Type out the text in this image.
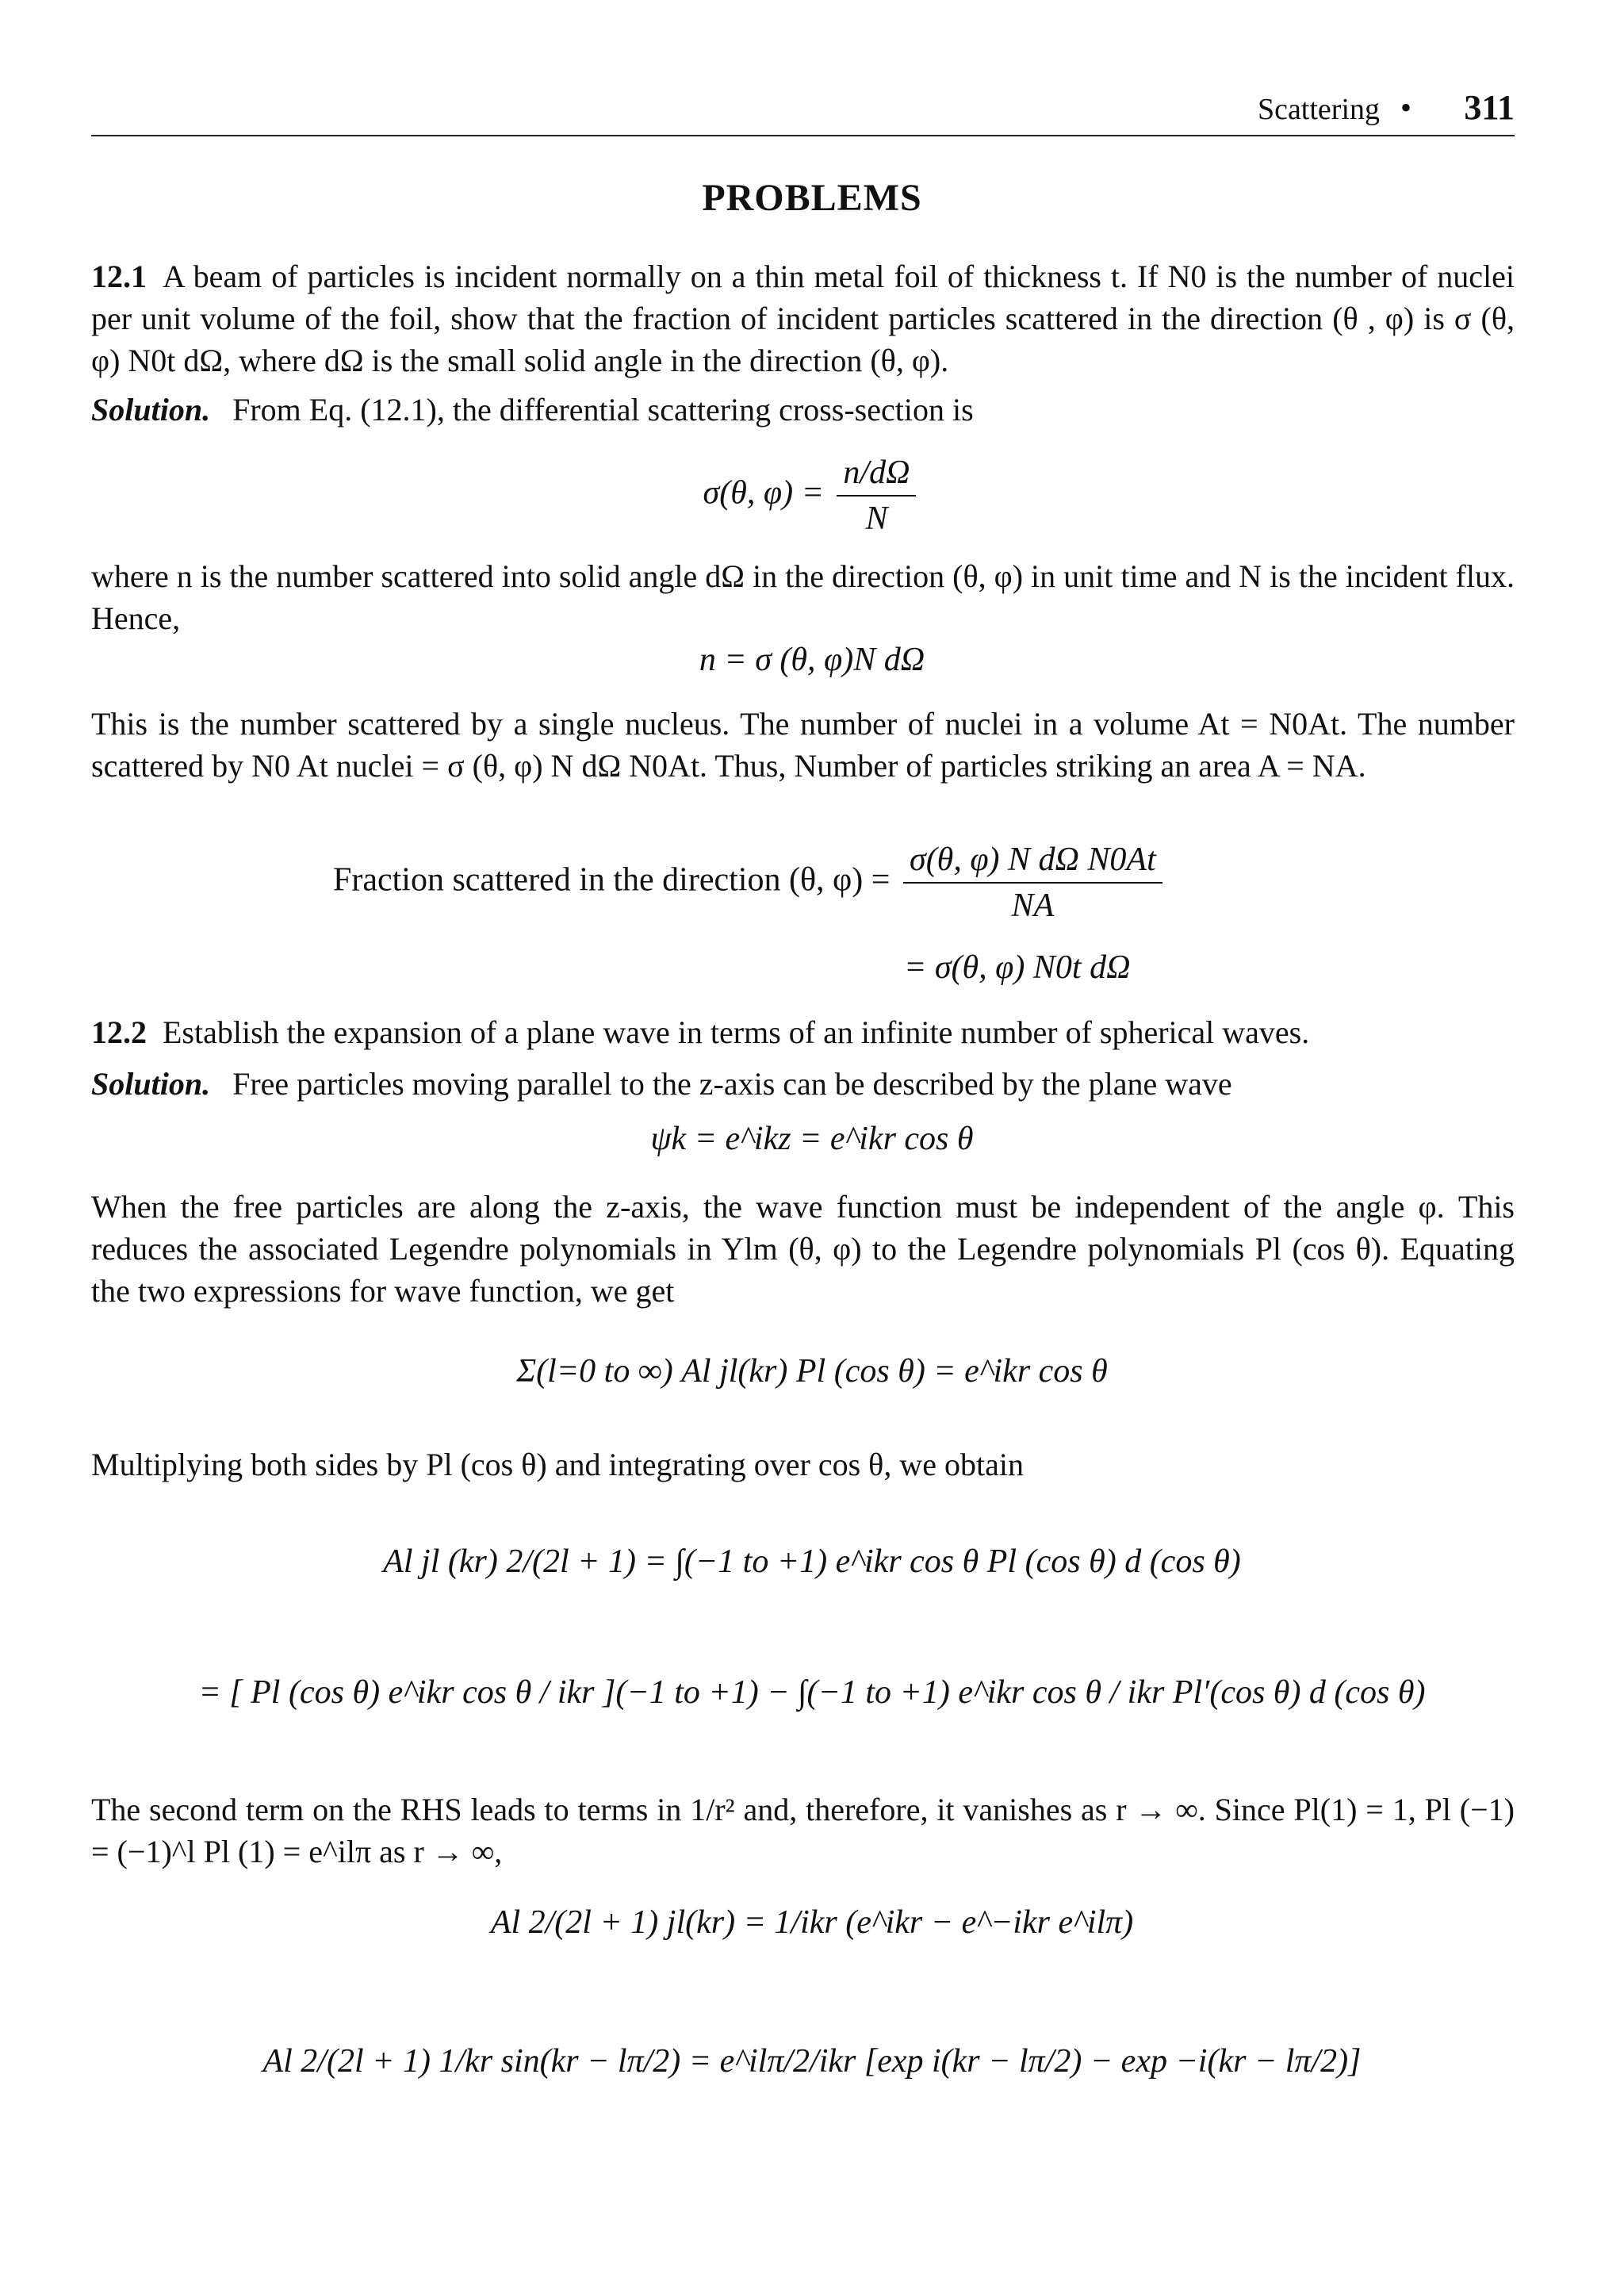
Scattering • 311
PROBLEMS
12.1 A beam of particles is incident normally on a thin metal foil of thickness t. If N0 is the number of nuclei per unit volume of the foil, show that the fraction of incident particles scattered in the direction (θ , φ) is σ (θ, φ) N0t dΩ, where dΩ is the small solid angle in the direction (θ, φ).
Solution. From Eq. (12.1), the differential scattering cross-section is
σ(θ, $\varphi) = \frac{n/d\Omega}{N}$
where n is the number scattered into solid angle dΩ in the direction (θ, φ) in unit time and N is the incident flux. Hence,
n = σ (θ, φ)N dΩ
This is the number scattered by a single nucleus. The number of nuclei in a volume At = N0At. The number scattered by N0 At nuclei = σ (θ, φ) N dΩ N0At. Thus, Number of particles striking an area A = NA.
Fraction scattered in the direction (θ, $\varphi) = \frac{\text{σ(θ, φ) N dΩ N0At}}{NA}$
= σ(θ, φ) N0t dΩ
12.2 Establish the expansion of a plane wave in terms of an infinite number of spherical waves.
Solution. Free particles moving parallel to the z-axis can be described by the plane wave
ψk = e^ikz = e^ikr cos θ
When the free particles are along the z-axis, the wave function must be independent of the angle φ. This reduces the associated Legendre polynomials in Ylm (θ, φ) to the Legendre polynomials Pl (cos θ). Equating the two expressions for wave function, we get
Σ(l=0 to ∞) Al jl(kr) Pl (cos θ) = e^ikr cos θ
Multiplying both sides by Pl (cos θ) and integrating over cos θ, we obtain
Al jl (kr) 2/(2l + 1) = ∫(−1 to +1) e^ikr cos θ Pl (cos θ) d (cos θ)
= [ Pl (cos θ) e^ikr cos θ / ikr ](−1 to +1) − ∫(−1 to +1) e^ikr cos θ / ikr Pl′(cos θ) d (cos θ)
The second term on the RHS leads to terms in 1/r² and, therefore, it vanishes as r → ∞. Since Pl(1) = 1, Pl (−1) = (−1)^l Pl (1) = e^ilπ as r → ∞,
Al 2/(2l + 1) jl(kr) = 1/ikr (e^ikr − e^−ikr e^ilπ)
Al 2/(2l + 1) 1/kr sin(kr − lπ/2) = e^ilπ/2/ikr [exp i(kr − lπ/2) − exp −i(kr − lπ/2)]
